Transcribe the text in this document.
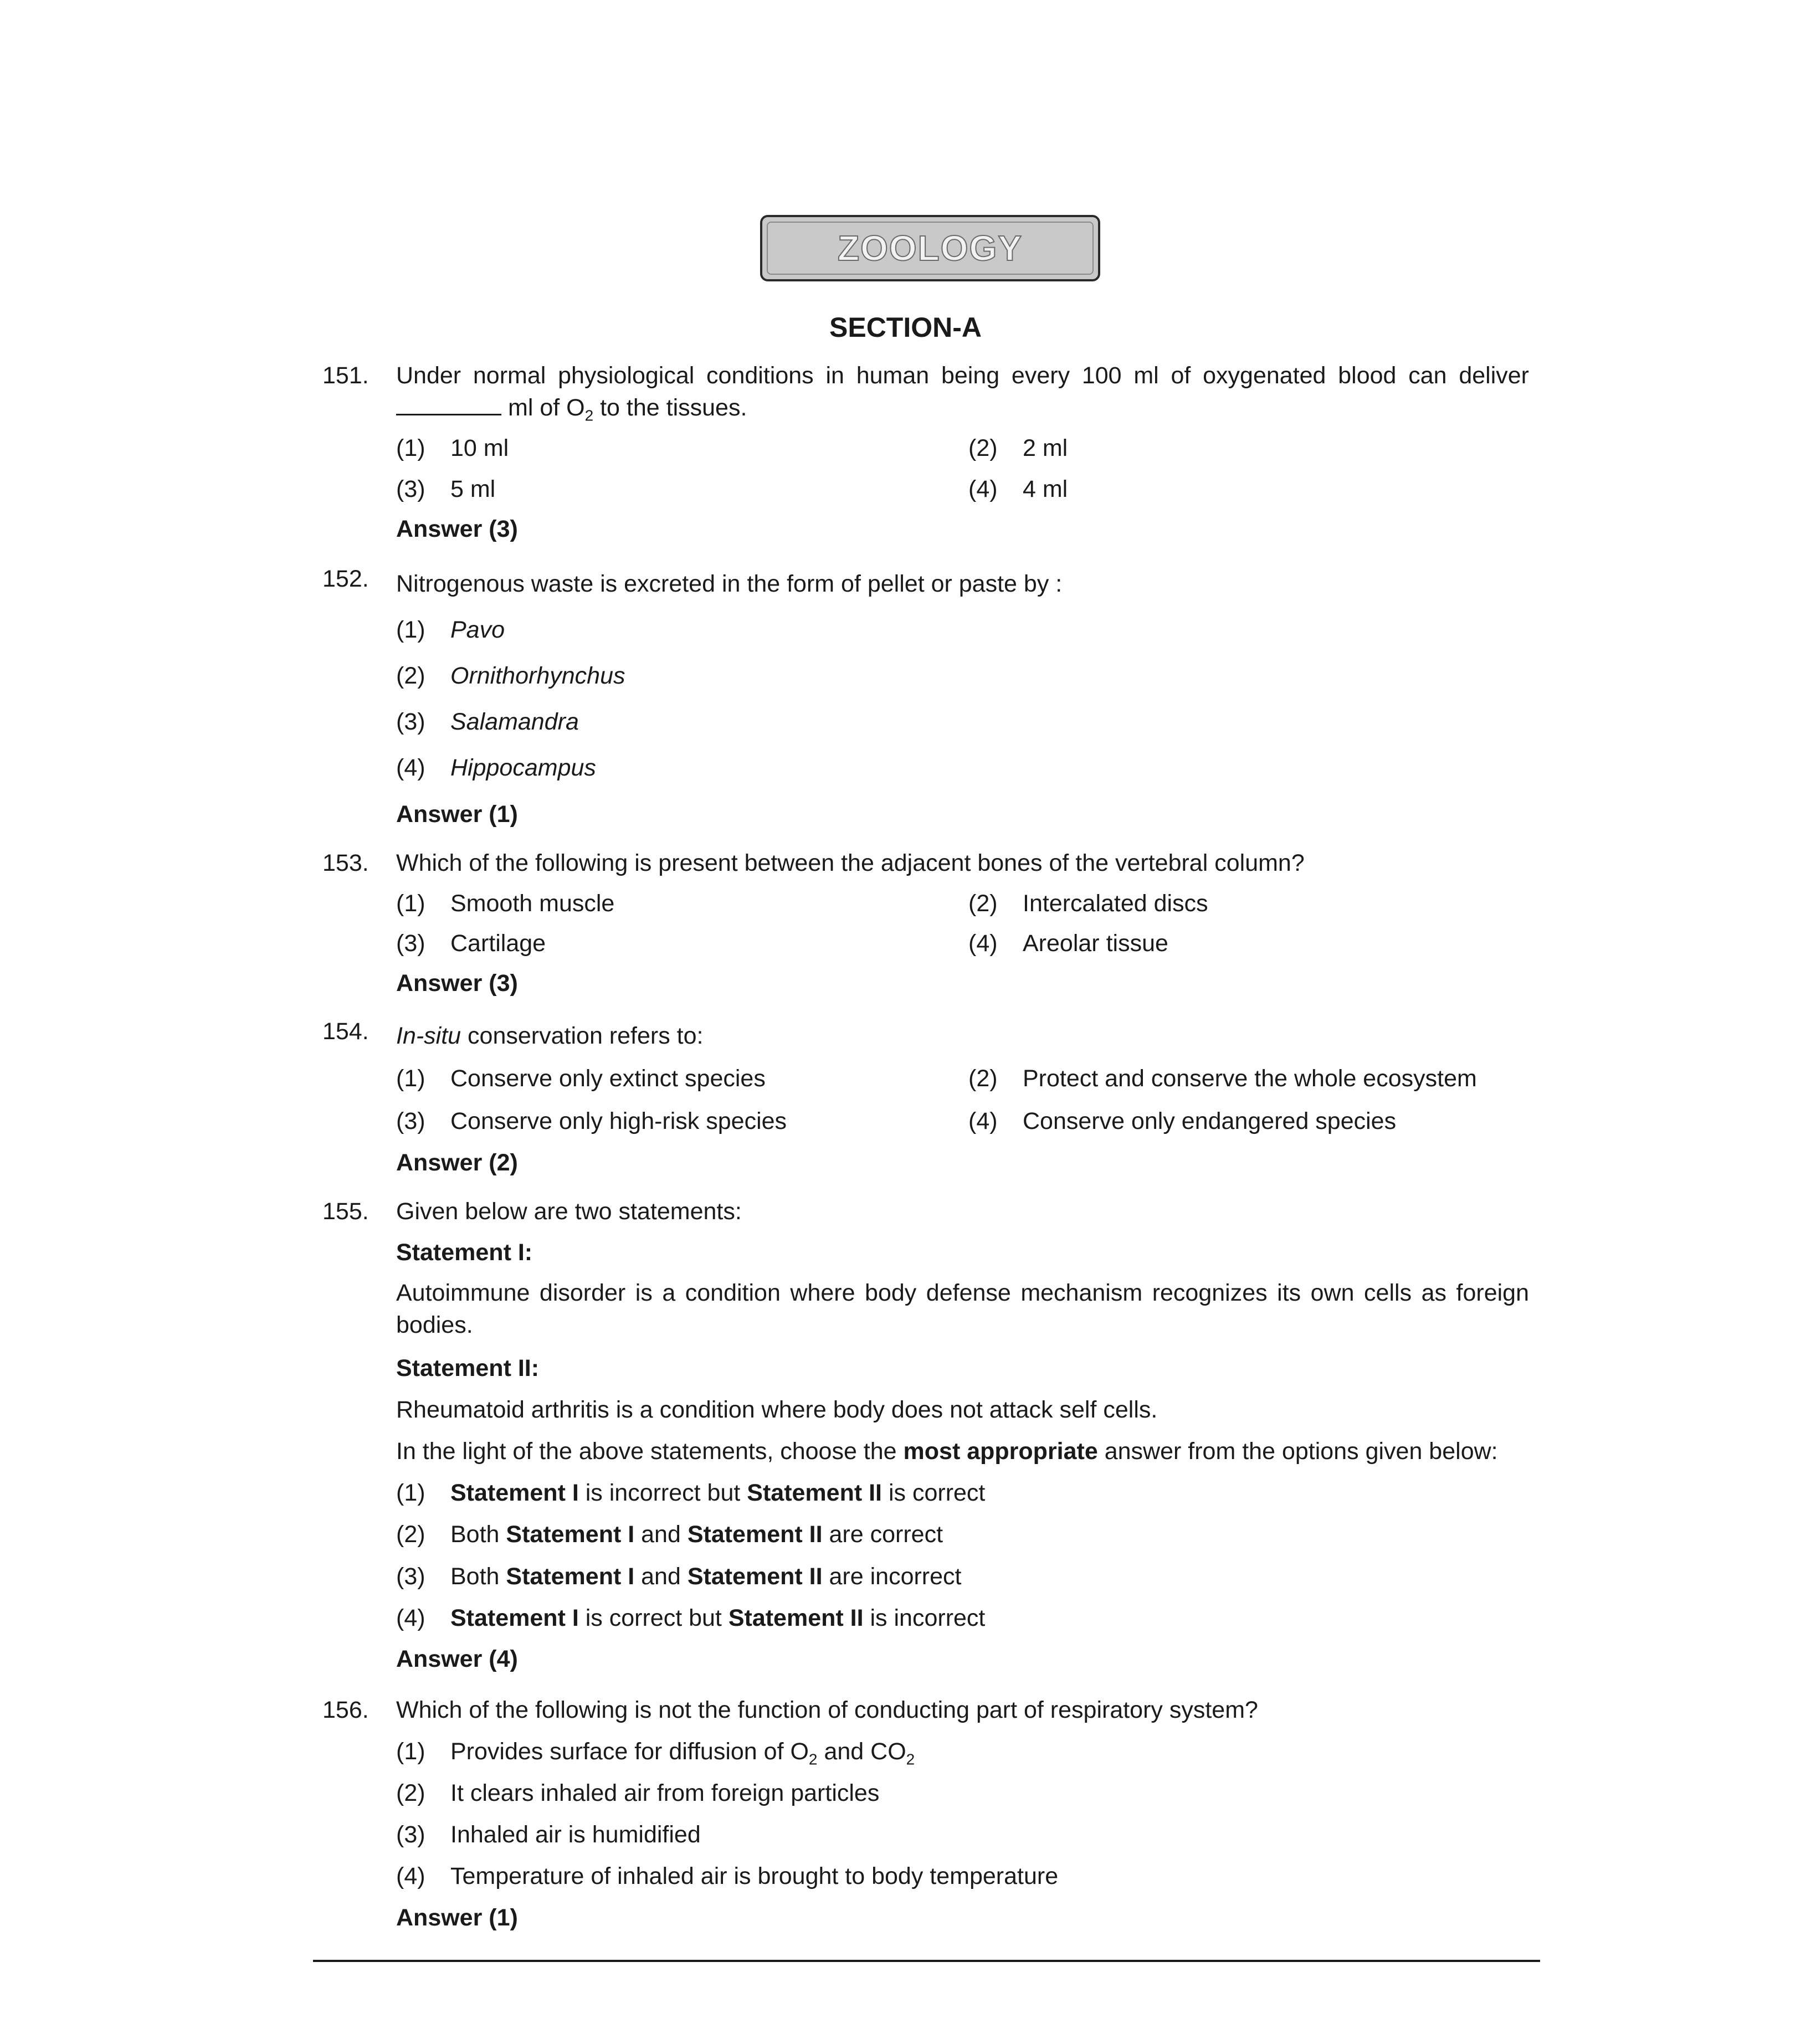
ZOOLOGY
SECTION-A
151. Under normal physiological conditions in human being every 100 ml of oxygenated blood can deliver
ml of $O_2$ to the tissues.
(1) 10 ml	(2) 2 ml
(3) 5 ml	(4) 4 ml
Answer (3)
152. Nitrogenous waste is excreted in the form of pellet or paste by :
(1) Pavo
(2) Ornithorhynchus
(3) Salamandra
(4) Hippocampus
Answer (1)
153. Which of the following is present between the adjacent bones of the vertebral column?
(1) Smooth muscle	(2) Intercalated discs
(3) Cartilage	(4) Areolar tissue
Answer (3)
154. In-situ conservation refers to:
(1) Conserve only extinct species	(2) Protect and conserve the whole ecosystem
(3) Conserve only high-risk species	(4) Conserve only endangered species
Answer (2)
155. Given below are two statements:
Statement I:
Autoimmune disorder is a condition where body defense mechanism recognizes its own cells as foreign bodies.
Statement II:
Rheumatoid arthritis is a condition where body does not attack self cells.
In the light of the above statements, choose the most appropriate answer from the options given below:
(1) Statement I is incorrect but Statement II is correct
(2) Both Statement I and Statement II are correct
(3) Both Statement I and Statement II are incorrect
(4) Statement I is correct but Statement II is incorrect
Answer (4)
156. Which of the following is not the function of conducting part of respiratory system?
(1) Provides surface for diffusion of $O_2$ and $CO_2$
(2) It clears inhaled air from foreign particles
(3) Inhaled air is humidified
(4) Temperature of inhaled air is brought to body temperature
Answer (1)
